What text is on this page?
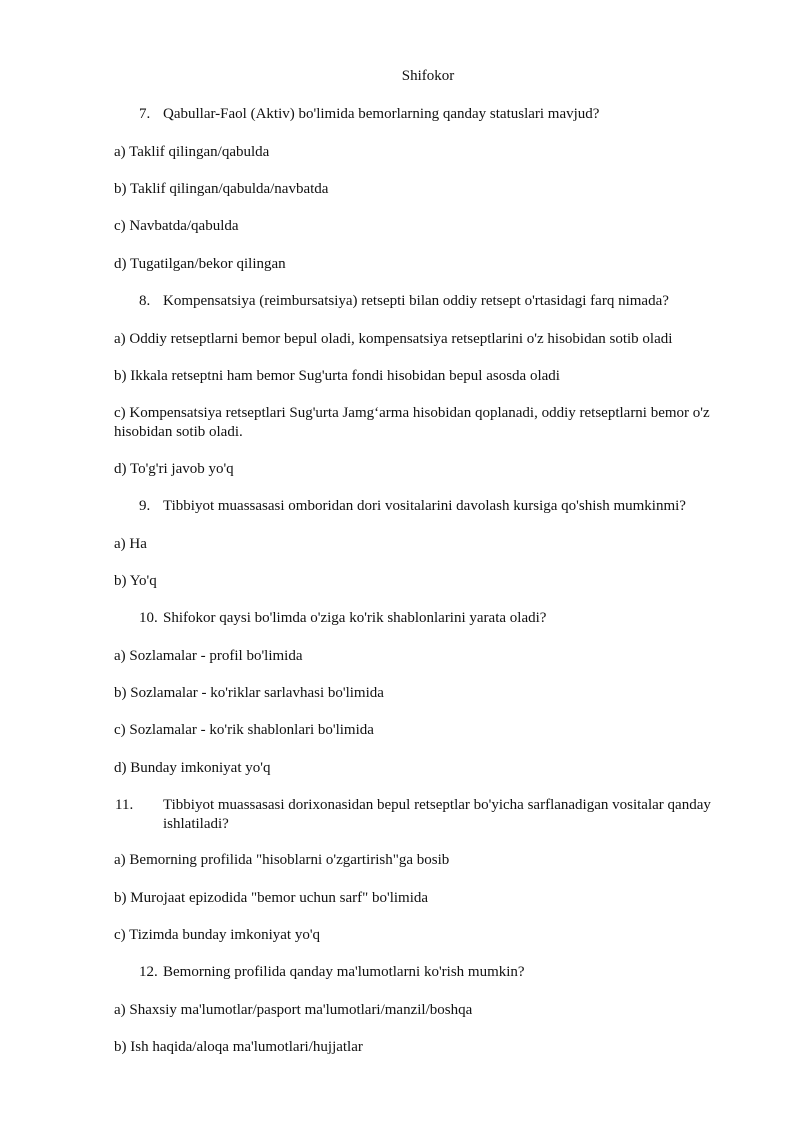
Shifokor
7. Qabullar-Faol (Aktiv) bo'limida bemorlarning qanday statuslari mavjud?
a) Taklif qilingan/qabulda
b) Taklif qilingan/qabulda/navbatda
c) Navbatda/qabulda
d) Tugatilgan/bekor qilingan
8. Kompensatsiya (reimbursatsiya) retsepti bilan oddiy retsept o'rtasidagi farq nimada?
a) Oddiy retseptlarni bemor bepul oladi, kompensatsiya retseptlarini o'z hisobidan sotib oladi
b) Ikkala retseptni ham bemor Sug'urta fondi hisobidan bepul asosda oladi
c) Kompensatsiya retseptlari Sug'urta Jamg‘arma hisobidan qoplanadi, oddiy retseptlarni bemor o'z hisobidan sotib oladi.
d) To'g'ri javob yo'q
9. Tibbiyot muassasasi omboridan dori vositalarini davolash kursiga qo'shish mumkinmi?
a) Ha
b) Yo'q
10. Shifokor qaysi bo'limda o'ziga ko'rik shablonlarini yarata oladi?
a) Sozlamalar - profil bo'limida
b) Sozlamalar - ko'riklar sarlavhasi bo'limida
c) Sozlamalar - ko'rik shablonlari bo'limida
d) Bunday imkoniyat yo'q
11. Tibbiyot muassasasi dorixonasidan bepul retseptlar bo'yicha sarflanadigan vositalar qanday ishlatiladi?
a) Bemorning profilida "hisoblarni o'zgartirish"ga bosib
b) Murojaat epizodida "bemor uchun sarf" bo'limida
c) Tizimda bunday imkoniyat yo'q
12. Bemorning profilida qanday ma'lumotlarni ko'rish mumkin?
a) Shaxsiy ma'lumotlar/pasport ma'lumotlari/manzil/boshqa
b) Ish haqida/aloqa ma'lumotlari/hujjatlar
